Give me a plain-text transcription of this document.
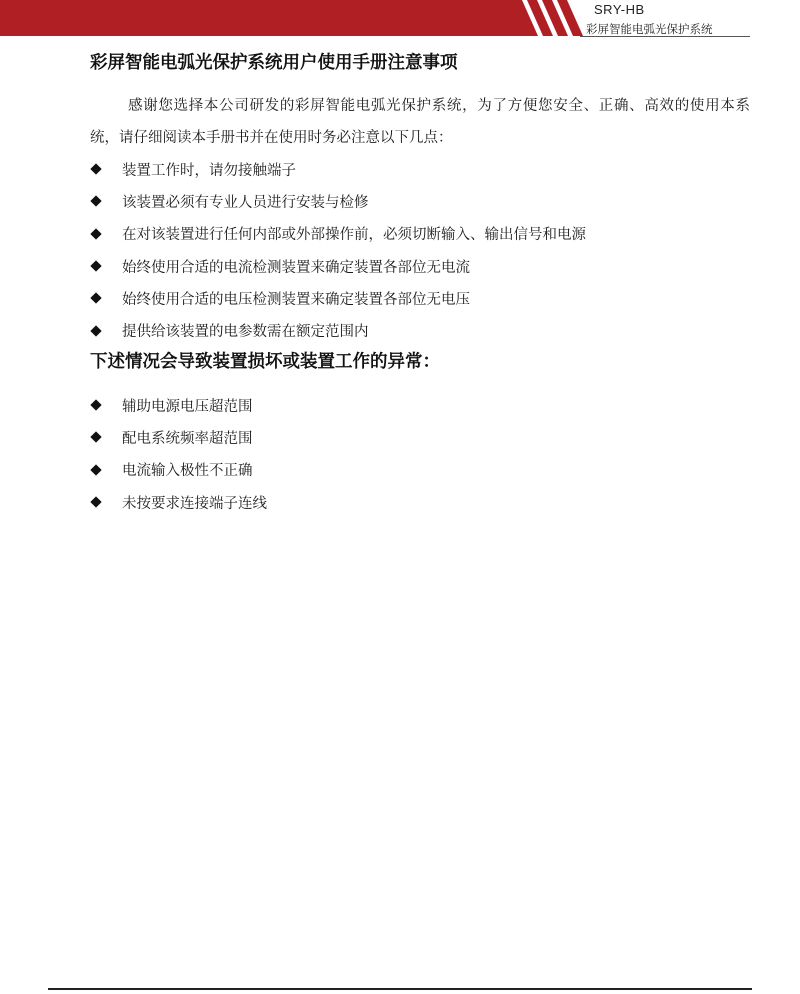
SRY-HB
彩屏智能电弧光保护系统
彩屏智能电弧光保护系统用户使用手册注意事项

感谢您选择本公司研发的彩屏智能电弧光保护系统，为了方便您安全、正确、高效的使用本系统，请仔细阅读本手册书并在使用时务必注意以下几点：

装置工作时，请勿接触端子
该装置必须有专业人员进行安装与检修
在对该装置进行任何内部或外部操作前，必须切断输入、输出信号和电源
始终使用合适的电流检测装置来确定装置各部位无电流
始终使用合适的电压检测装置来确定装置各部位无电压
提供给该装置的电参数需在额定范围内
下述情况会导致装置损坏或装置工作的异常：
辅助电源电压超范围
配电系统频率超范围
电流输入极性不正确
未按要求连接端子连线
